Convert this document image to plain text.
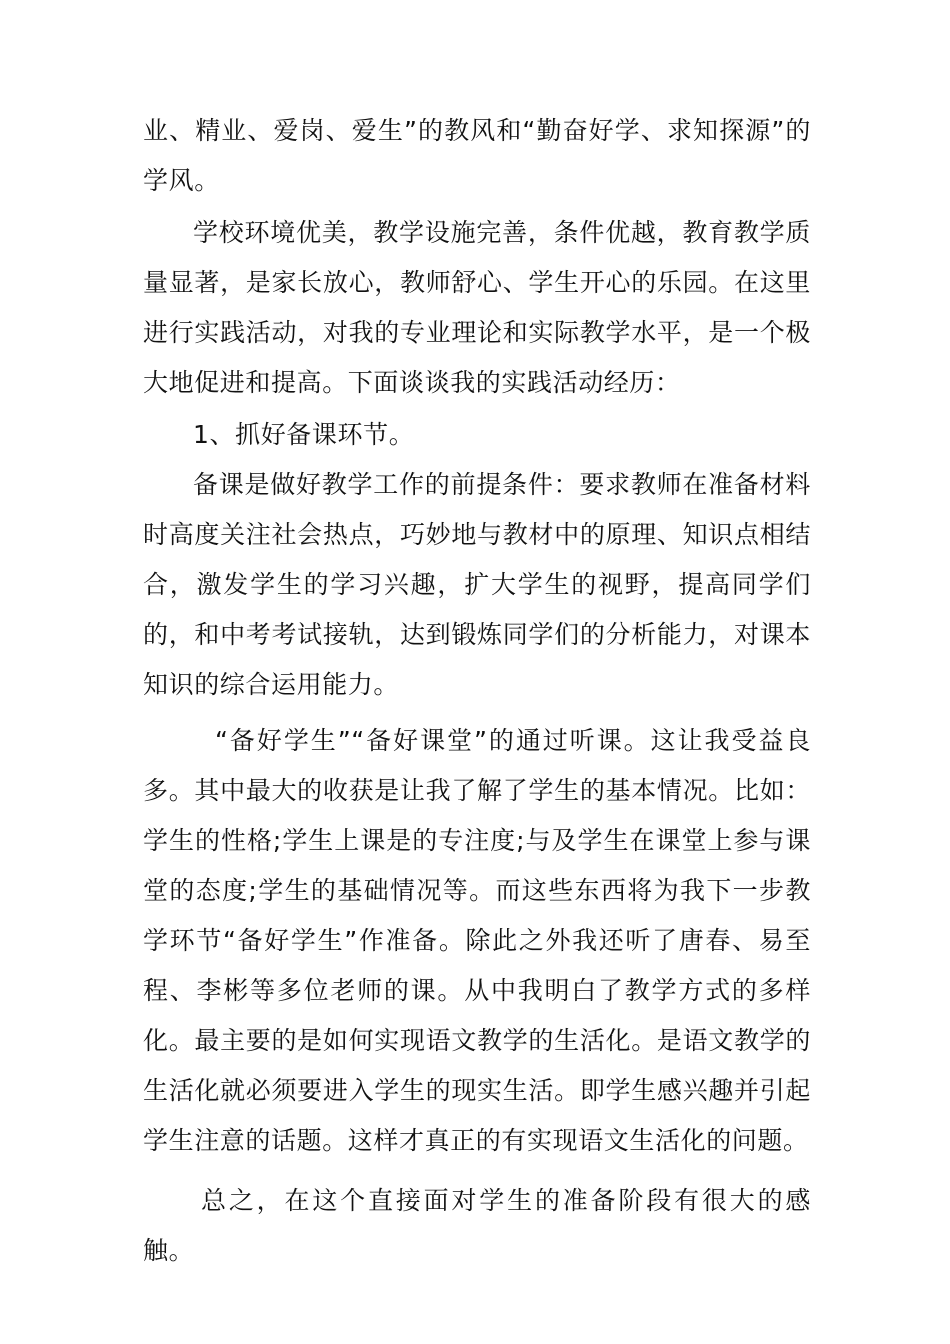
业、精业、爱岗、爱生”的教风和“勤奋好学、求知探源”的学风。

学校环境优美，教学设施完善，条件优越，教育教学质量显著，是家长放心，教师舒心、学生开心的乐园。在这里进行实践活动，对我的专业理论和实际教学水平，是一个极大地促进和提高。下面谈谈我的实践活动经历：

1、抓好备课环节。

备课是做好教学工作的前提条件：要求教师在准备材料时高度关注社会热点，巧妙地与教材中的原理、知识点相结合，激发学生的学习兴趣，扩大学生的视野，提高同学们的，和中考考试接轨，达到锻炼同学们的分析能力，对课本知识的综合运用能力。

“备好学生”“备好课堂”的通过听课。这让我受益良多。其中最大的收获是让我了解了学生的基本情况。比如：学生的性格;学生上课是的专注度;与及学生在课堂上参与课堂的态度;学生的基础情况等。而这些东西将为我下一步教学环节“备好学生”作准备。除此之外我还听了唐春、易至程、李彬等多位老师的课。从中我明白了教学方式的多样化。最主要的是如何实现语文教学的生活化。是语文教学的生活化就必须要进入学生的现实生活。即学生感兴趣并引起学生注意的话题。这样才真正的有实现语文生活化的问题。

总之，在这个直接面对学生的准备阶段有很大的感触。
